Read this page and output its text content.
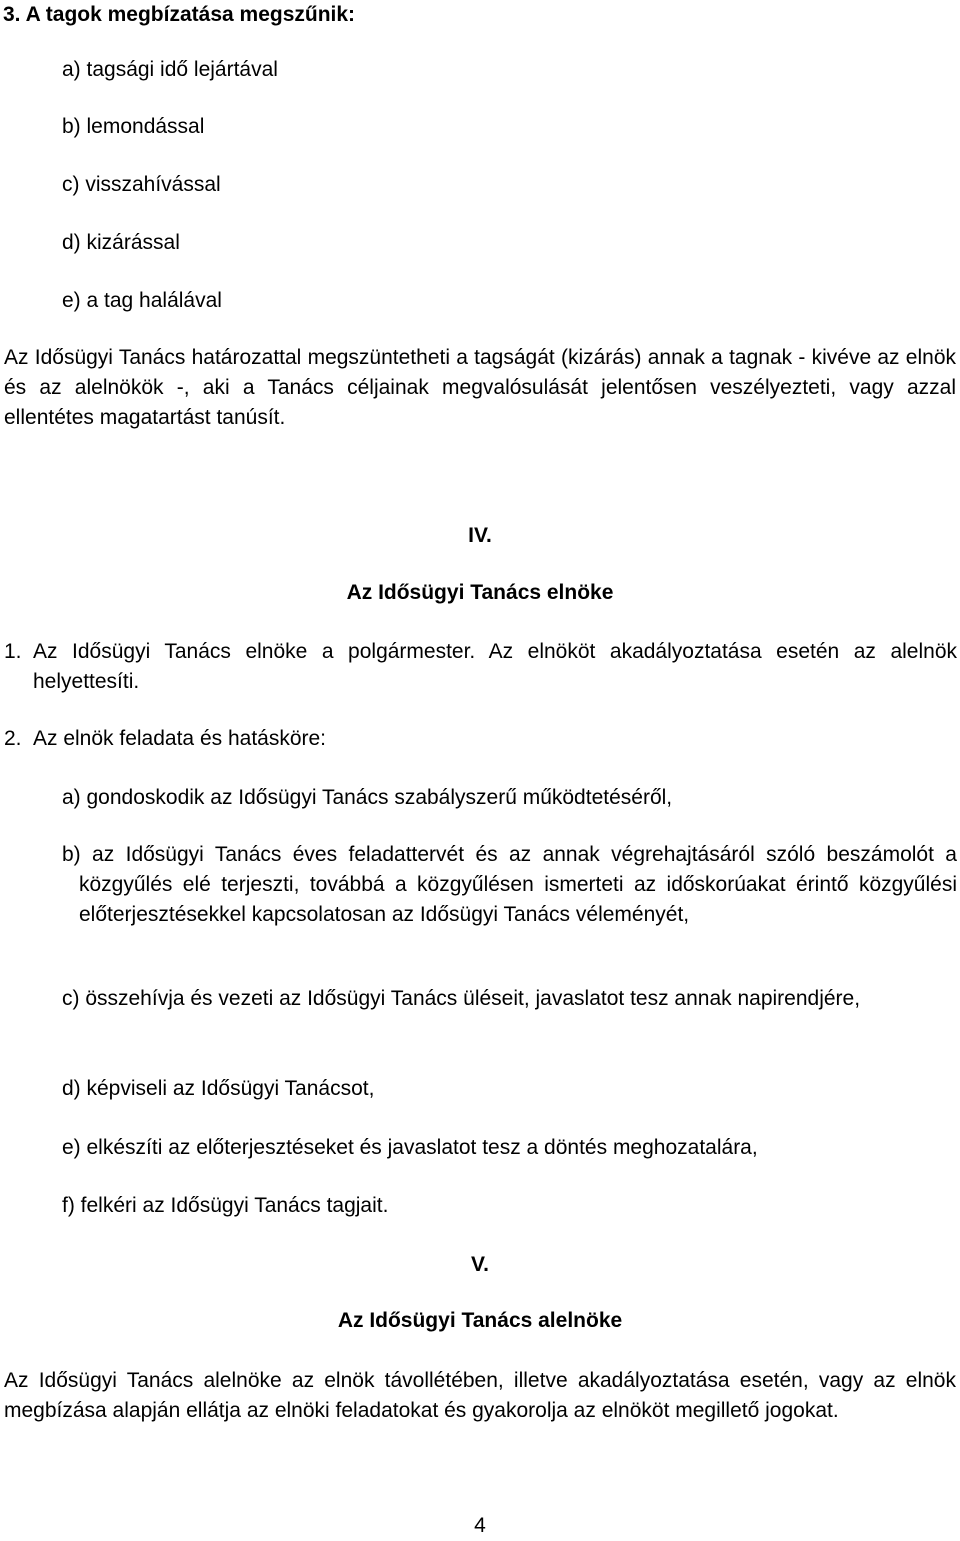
3. A tagok megbízatása megszűnik:

a) tagsági idő lejártával

b) lemondással

c) visszahívással

d) kizárással

e) a tag halálával

Az Idősügyi Tanács határozattal megszüntetheti a tagságát (kizárás) annak a tagnak - kivéve az elnök és az alelnökök -, aki a Tanács céljainak megvalósulását jelentősen veszélyezteti, vagy azzal ellentétes magatartást tanúsít.

IV.

Az Idősügyi Tanács elnöke

1. Az Idősügyi Tanács elnöke a polgármester. Az elnököt akadályoztatása esetén az alelnök helyettesíti.

2. Az elnök feladata és hatásköre:

a) gondoskodik az Idősügyi Tanács szabályszerű működtetéséről,

b) az Idősügyi Tanács éves feladattervét és az annak végrehajtásáról szóló beszámolót a közgyűlés elé terjeszti, továbbá a közgyűlésen ismerteti az időskorúakat érintő közgyűlési előterjesztésekkel kapcsolatosan az Idősügyi Tanács véleményét,
c) összehívja és vezeti az Idősügyi Tanács üléseit, javaslatot tesz annak napirendjére,

d) képviseli az Idősügyi Tanácsot,

e) elkészíti az előterjesztéseket és javaslatot tesz a döntés meghozatalára,

f) felkéri az Idősügyi Tanács tagjait.

V.

Az Idősügyi Tanács alelnöke

Az Idősügyi Tanács alelnöke az elnök távollétében, illetve akadályoztatása esetén, vagy az elnök megbízása alapján ellátja az elnöki feladatokat és gyakorolja az elnököt megillető jogokat.

4
